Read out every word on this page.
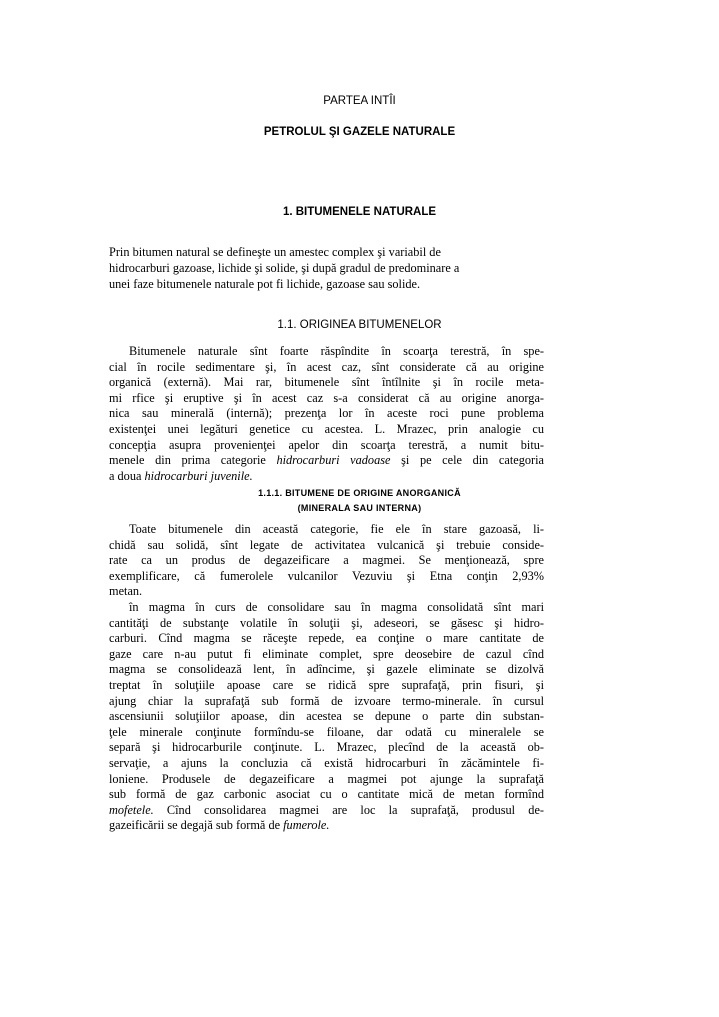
PARTEA INTÎI
PETROLUL ŞI GAZELE NATURALE
1. BITUMENELE NATURALE
Prin bitumen natural se defineşte un amestec complex şi variabil de
hidrocarburi gazoase, lichide şi solide, şi după gradul de predominare a
unei faze bitumenele naturale pot fi lichide, gazoase sau solide.
1.1. ORIGINEA BITUMENELOR
Bitumenele naturale sînt foarte răspîndite în scoarţa terestră, în spe-
cial în rocile sedimentare şi, în acest caz, sînt considerate că au origine
organică (externă). Mai rar, bitumenele sînt întîlnite şi în rocile meta-
mi rfice şi eruptive şi în acest caz s-a considerat că au origine anorga-
nica sau minerală (internă); prezenţa lor în aceste roci pune problema
existenţei unei legături genetice cu acestea. L. Mrazec, prin analogie cu
concepţia asupra provenienţei apelor din scoarţa terestră, a numit bitu-
menele din prima categorie hidrocarburi vadoase şi pe cele din categoria
a doua hidrocarburi juvenile.
1.1.1. BITUMENE DE ORIGINE ANORGANICĂ
(MINERALA SAU INTERNA)
Toate bitumenele din această categorie, fie ele în stare gazoasă, li-
chidă sau solidă, sînt legate de activitatea vulcanică şi trebuie conside-
rate ca un produs de degazeificare a magmei. Se menţionează, spre
exemplificare, că fumerolele vulcanilor Vezuviu şi Etna conţin 2,93%
metan.
în magma în curs de consolidare sau în magma consolidată sînt mari
cantităţi de substanţe volatile în soluţii şi, adeseori, se găsesc şi hidro-
carburi. Cînd magma se răceşte repede, ea conţine o mare cantitate de
gaze care n-au putut fi eliminate complet, spre deosebire de cazul cînd
magma se consolidează lent, în adîncime, şi gazele eliminate se dizolvă
treptat în soluţiile apoase care se ridică spre suprafaţă, prin fisuri, şi
ajung chiar la suprafaţă sub formă de izvoare termo-minerale. în cursul
ascensiunii soluţiilor apoase, din acestea se depune o parte din substan-
ţele minerale conţinute formîndu-se filoane, dar odată cu mineralele se
separă şi hidrocarburile conţinute. L. Mrazec, plecînd de la această ob-
servaţie, a ajuns la concluzia că există hidrocarburi în zăcămintele fi-
loniene. Produsele de degazeificare a magmei pot ajunge la suprafaţă
sub formă de gaz carbonic asociat cu o cantitate mică de metan formînd
mofetele. Cînd consolidarea magmei are loc la suprafaţă, produsul de-
gazeificării se degajă sub formă de fumerole.
